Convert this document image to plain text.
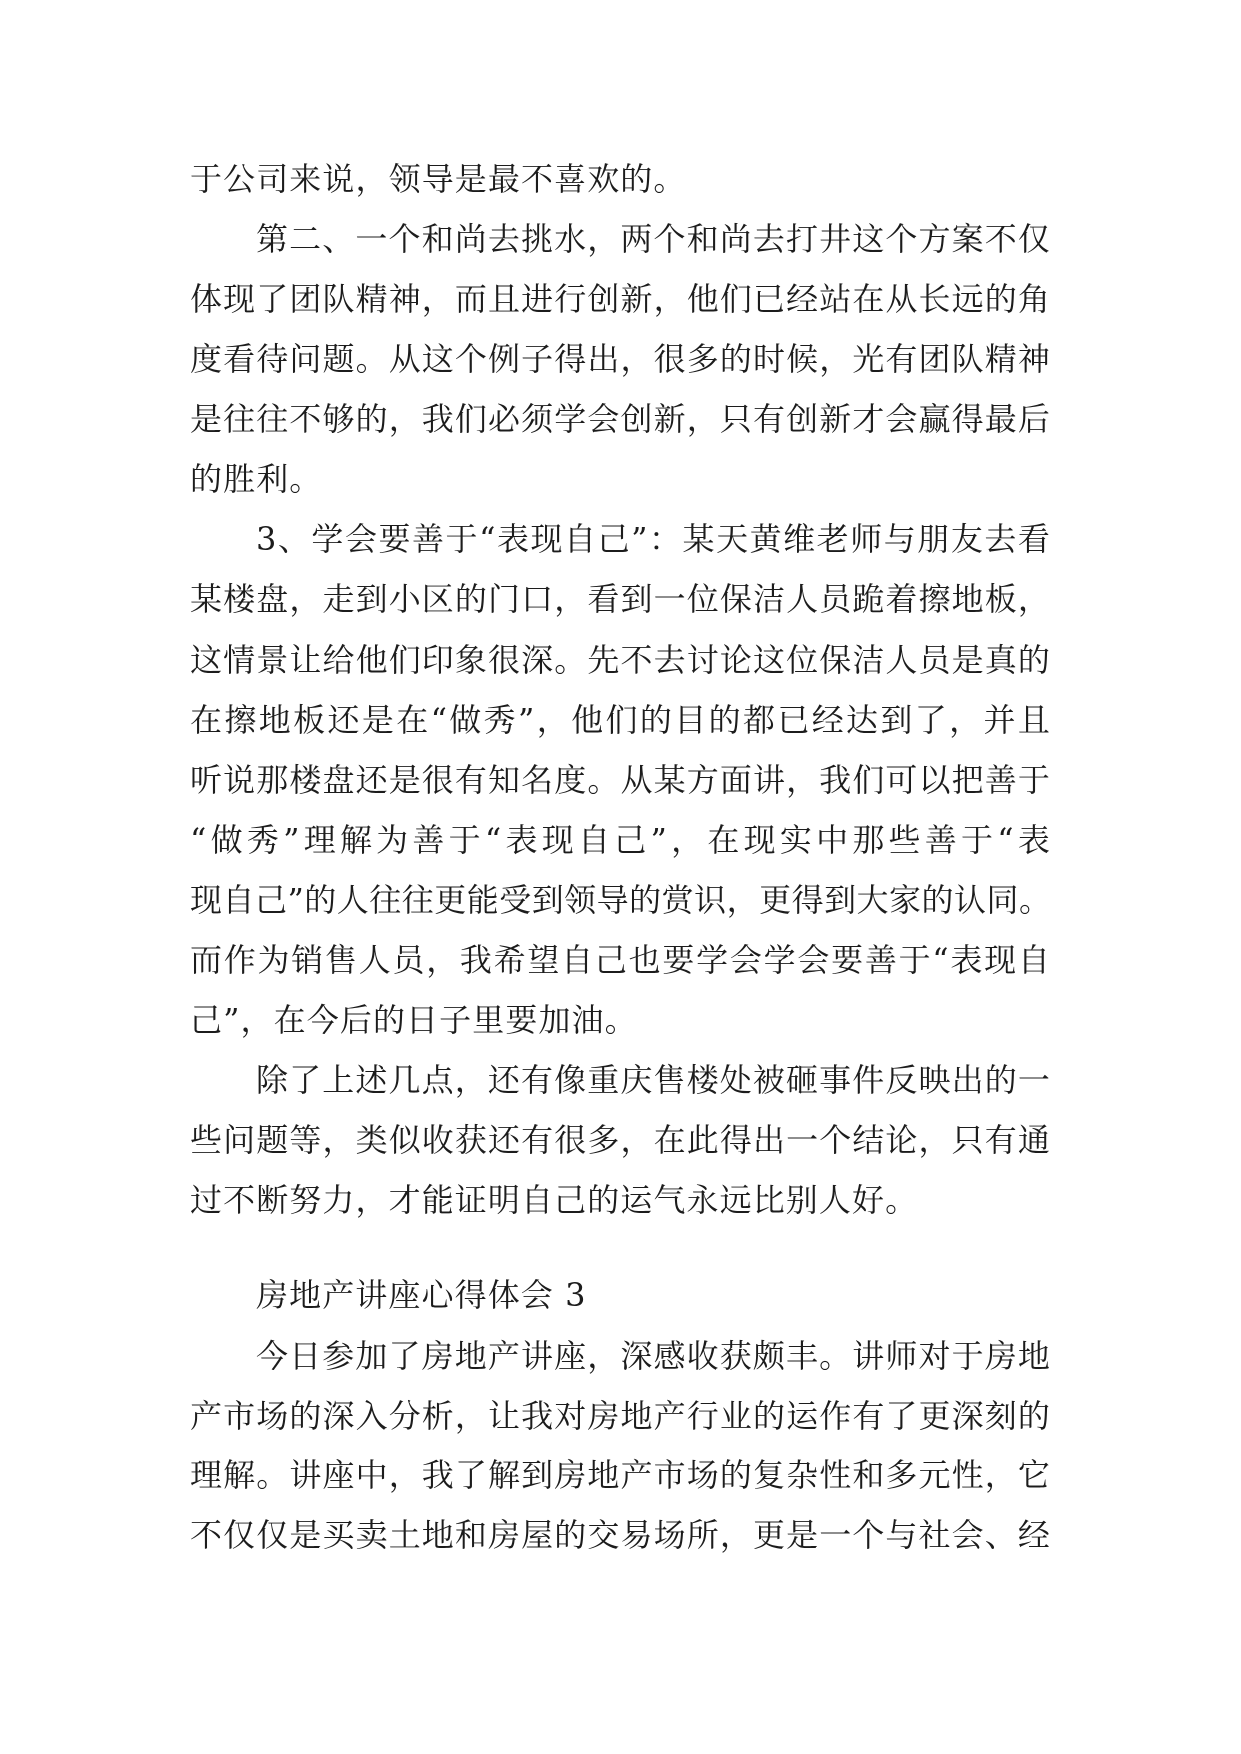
于公司来说，领导是最不喜欢的。
第二、一个和尚去挑水，两个和尚去打井这个方案不仅
体现了团队精神，而且进行创新，他们已经站在从长远的角
度看待问题。从这个例子得出，很多的时候，光有团队精神
是往往不够的，我们必须学会创新，只有创新才会赢得最后
的胜利。
3、学会要善于“表现自己”：某天黄维老师与朋友去看
某楼盘，走到小区的门口，看到一位保洁人员跪着擦地板，
这情景让给他们印象很深。先不去讨论这位保洁人员是真的
在擦地板还是在“做秀”，他们的目的都已经达到了，并且
听说那楼盘还是很有知名度。从某方面讲，我们可以把善于
“做秀”理解为善于“表现自己”，在现实中那些善于“表
现自己”的人往往更能受到领导的赏识，更得到大家的认同。
而作为销售人员，我希望自己也要学会学会要善于“表现自
己”，在今后的日子里要加油。
除了上述几点，还有像重庆售楼处被砸事件反映出的一
些问题等，类似收获还有很多，在此得出一个结论，只有通
过不断努力，才能证明自己的运气永远比别人好。
房地产讲座心得体会 3
今日参加了房地产讲座，深感收获颇丰。讲师对于房地
产市场的深入分析，让我对房地产行业的运作有了更深刻的
理解。讲座中，我了解到房地产市场的复杂性和多元性，它
不仅仅是买卖土地和房屋的交易场所，更是一个与社会、经
